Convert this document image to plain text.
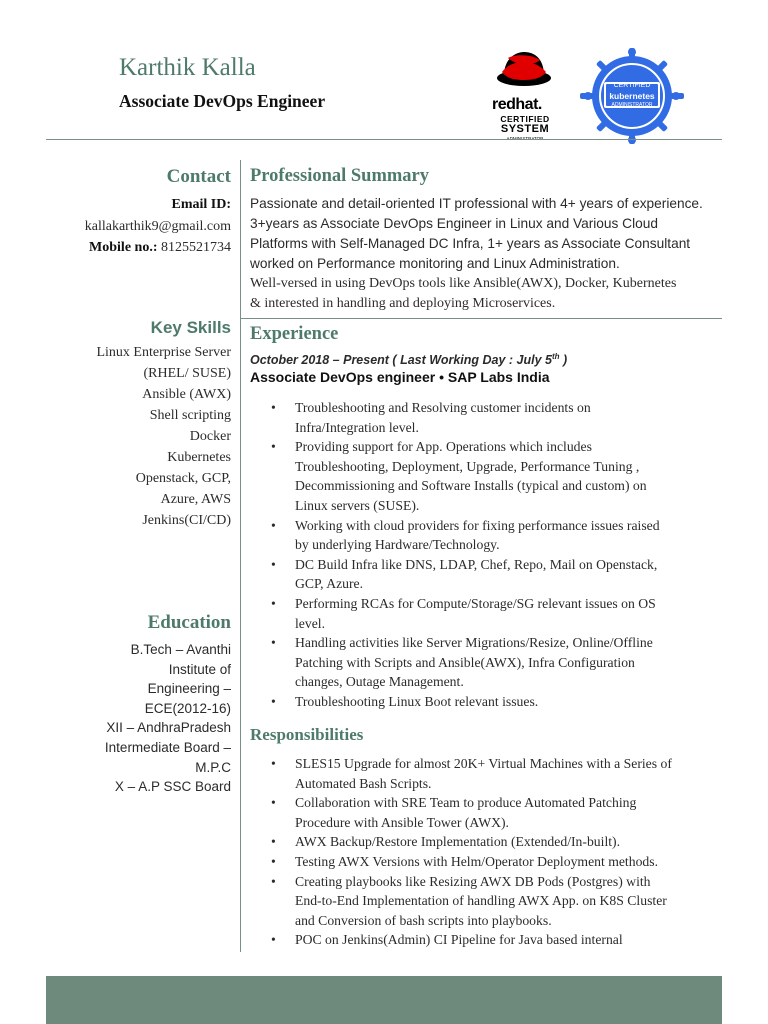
Karthik Kalla
Associate DevOps Engineer	redhat.
CERTIFIED
SYSTEM
CERTIFIED
kubernetes
ADMINISTRATOR
Contact
Email ID:
kallakarthik9@gmail.com
Mobile no.: 8125521734
Key Skills
Linux Enterprise Server
(RHEL/ SUSE)
Ansible (AWX)
Shell scripting
Docker
Kubernetes
Openstack, GCP,
Azure, AWS
Jenkins(CI/CD)
Education
B.Tech – Avanthi
Institute of
Engineering –
ECE(2012-16)
XII – AndhraPradesh
Intermediate Board –
M.P.C
X – A.P SSC Board
Professional Summary
Passionate and detail-oriented IT professional with 4+ years of experience.
3+years as Associate DevOps Engineer in Linux and Various Cloud
Platforms with Self-Managed DC Infra, 1+ years as Associate Consultant
worked on Performance monitoring and Linux Administration.
Well-versed in using DevOps tools like Ansible(AWX), Docker, Kubernetes
& interested in handling and deploying Microservices.
Experience
October 2018 – Present ( Last Working Day : July 5th )
Associate DevOps engineer • SAP Labs India
• Troubleshooting and Resolving customer incidents on
Infra/Integration level.
• Providing support for App. Operations which includes
Troubleshooting, Deployment, Upgrade, Performance Tuning ,
Decommissioning and Software Installs (typical and custom) on
Linux servers (SUSE).
• Working with cloud providers for fixing performance issues raised
by underlying Hardware/Technology.
• DC Build Infra like DNS, LDAP, Chef, Repo, Mail on Openstack,
GCP, Azure.
• Performing RCAs for Compute/Storage/SG relevant issues on OS
level.
• Handling activities like Server Migrations/Resize, Online/Offline
Patching with Scripts and Ansible(AWX), Infra Configuration
changes, Outage Management.
• Troubleshooting Linux Boot relevant issues.
Responsibilities
• SLES15 Upgrade for almost 20K+ Virtual Machines with a Series of
Automated Bash Scripts.
• Collaboration with SRE Team to produce Automated Patching
Procedure with Ansible Tower (AWX).
• AWX Backup/Restore Implementation (Extended/In-built).
• Testing AWX Versions with Helm/Operator Deployment methods.
• Creating playbooks like Resizing AWX DB Pods (Postgres) with
End-to-End Implementation of handling AWX App. on K8S Cluster
and Conversion of bash scripts into playbooks.
• POC on Jenkins(Admin) CI Pipeline for Java based internal
